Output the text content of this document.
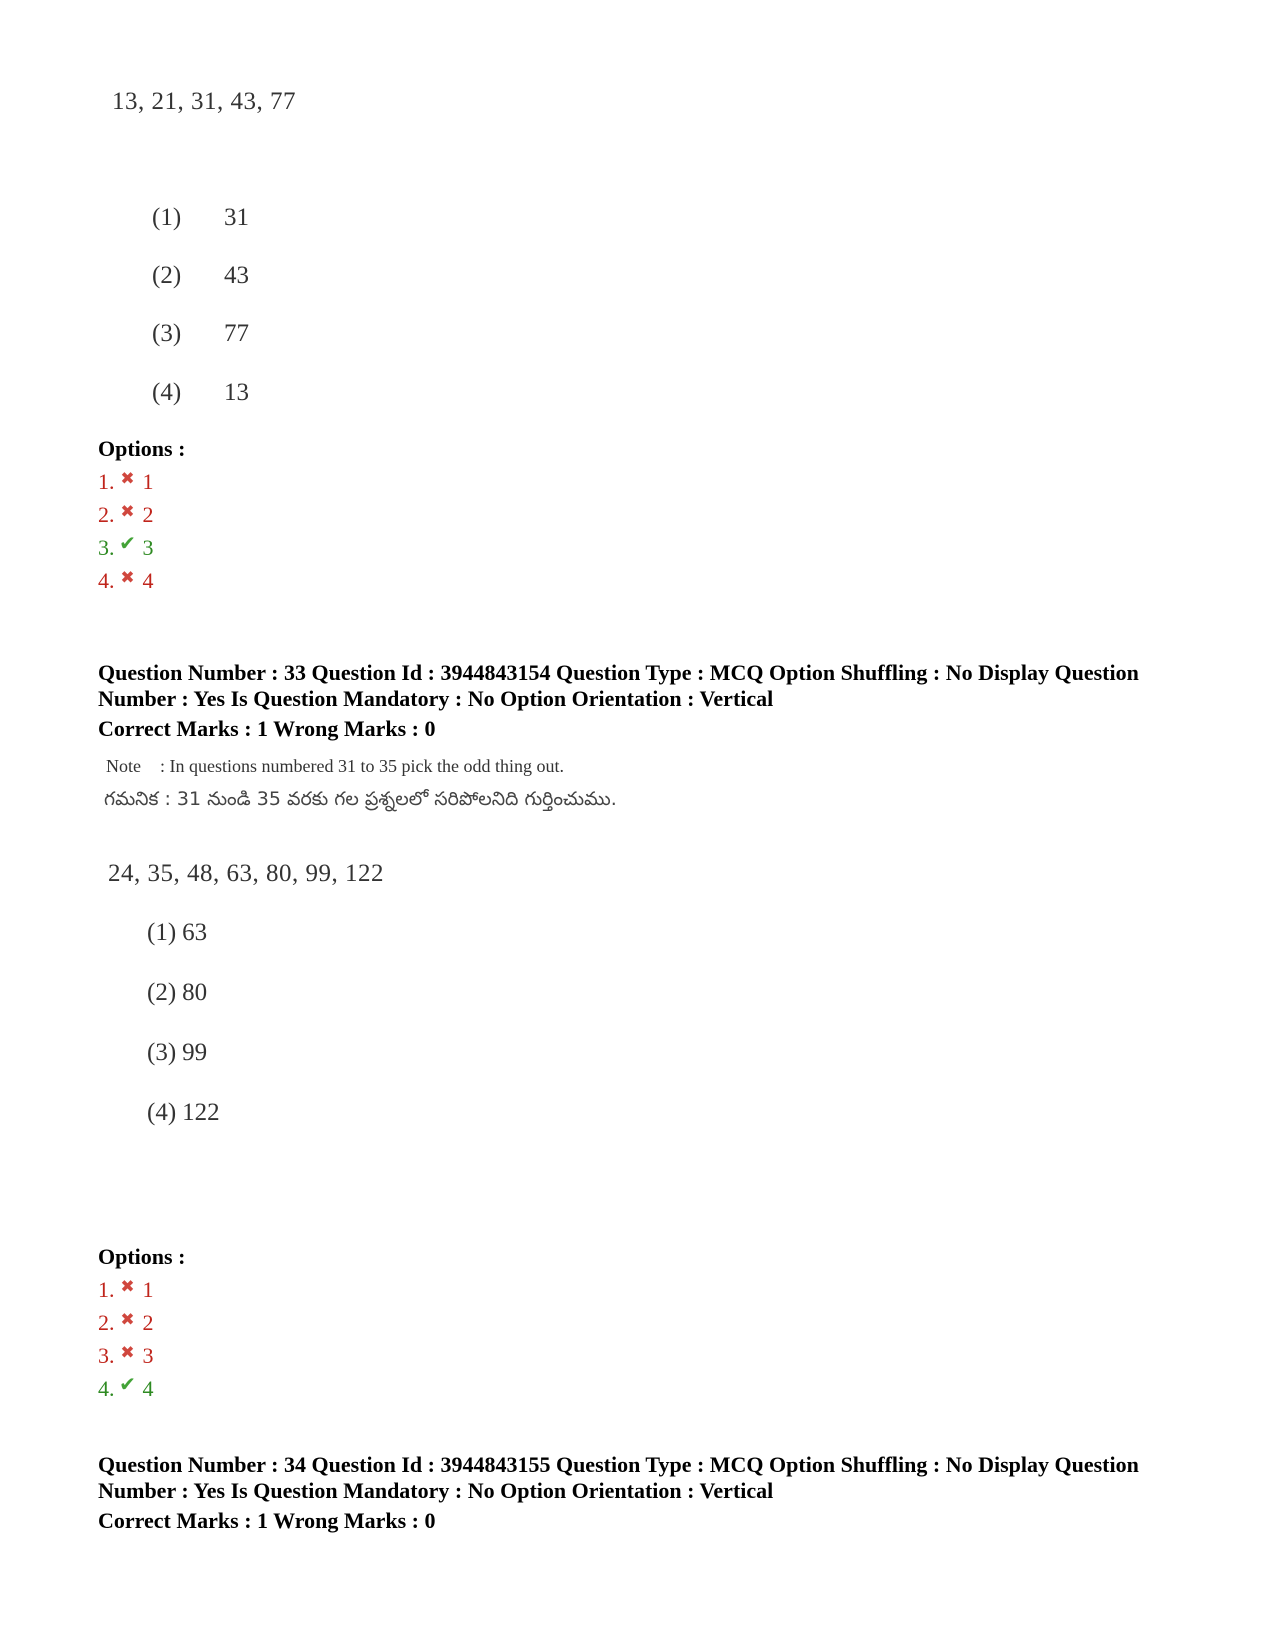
13, 21, 31, 43, 77
(1) 31
(2) 43
(3) 77
(4) 13
Options :
1. ✖ 1
2. ✖ 2
3. ✔ 3
4. ✖ 4
Question Number : 33 Question Id : 3944843154 Question Type : MCQ Option Shuffling : No Display Question
Number : Yes Is Question Mandatory : No Option Orientation : Vertical
Correct Marks : 1 Wrong Marks : 0
Note : In questions numbered 31 to 35 pick the odd thing out.
గమనిక : 31 నుండి 35 వరకు గల ప్రశ్నలలో సరిపోలనిది గుర్తించుము.
24, 35, 48, 63, 80, 99, 122
(1) 63
(2) 80
(3) 99
(4) 122
Options :
1. ✖ 1
2. ✖ 2
3. ✖ 3
4. ✔ 4
Question Number : 34 Question Id : 3944843155 Question Type : MCQ Option Shuffling : No Display Question
Number : Yes Is Question Mandatory : No Option Orientation : Vertical
Correct Marks : 1 Wrong Marks : 0
